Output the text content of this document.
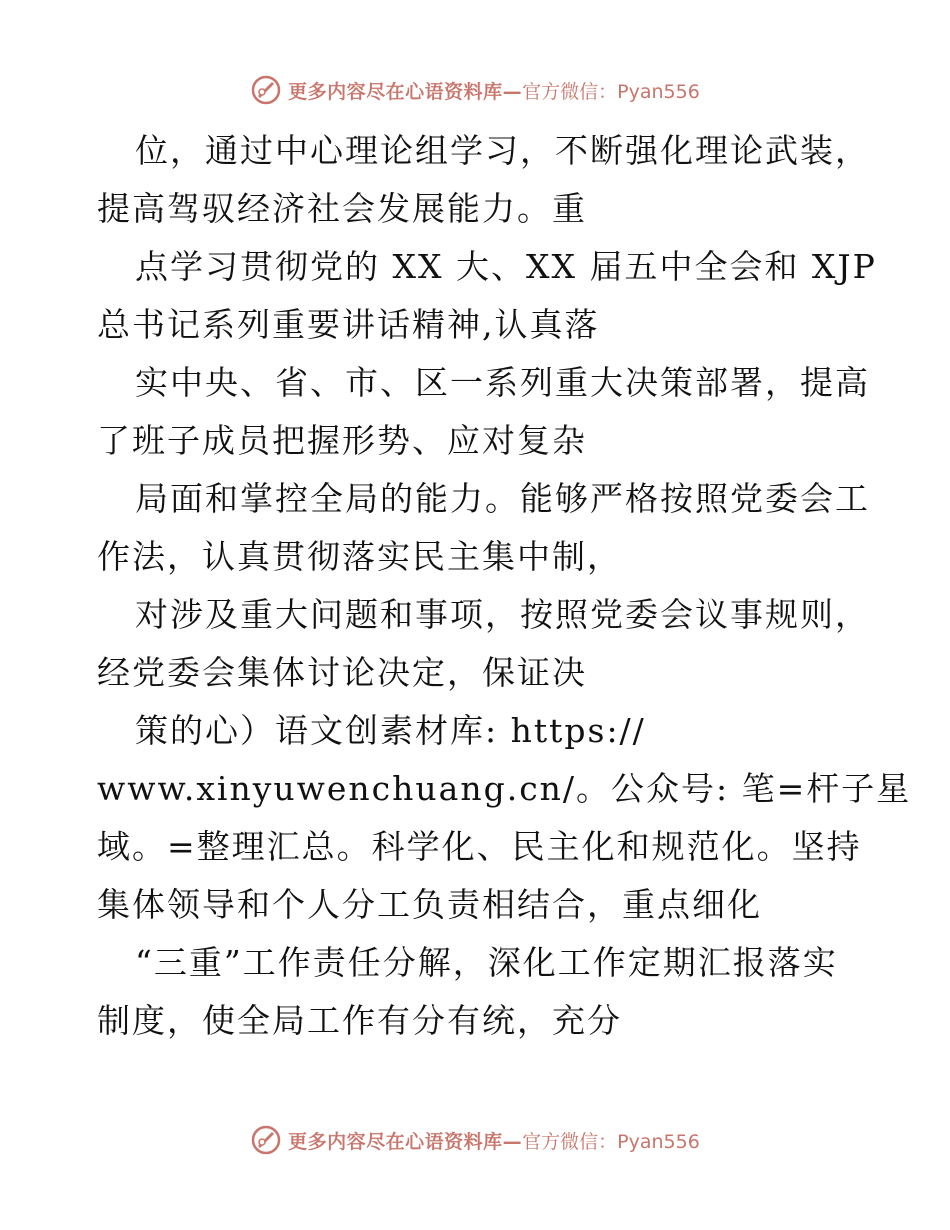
更多内容尽在心语资料库— 官方微信：Pyan556
位，通过中心理论组学习，不断强化理论武装，
提高驾驭经济社会发展能力。重
点学习贯彻党的 XX 大、XX 届五中全会和 XJP
总书记系列重要讲话精神,认真落
实中央、省、市、区一系列重大决策部署，提高
了班子成员把握形势、应对复杂
局面和掌控全局的能力。能够严格按照党委会工
作法，认真贯彻落实民主集中制，
对涉及重大问题和事项，按照党委会议事规则，
经党委会集体讨论决定，保证决
策的心）语文创素材库: https://
www.xinyuwenchuang.cn/。公众号: 笔=杆子星
域。=整理汇总。科学化、民主化和规范化。坚持
集体领导和个人分工负责相结合，重点细化
“三重”工作责任分解，深化工作定期汇报落实
制度，使全局工作有分有统，充分
更多内容尽在心语资料库— 官方微信：Pyan556
